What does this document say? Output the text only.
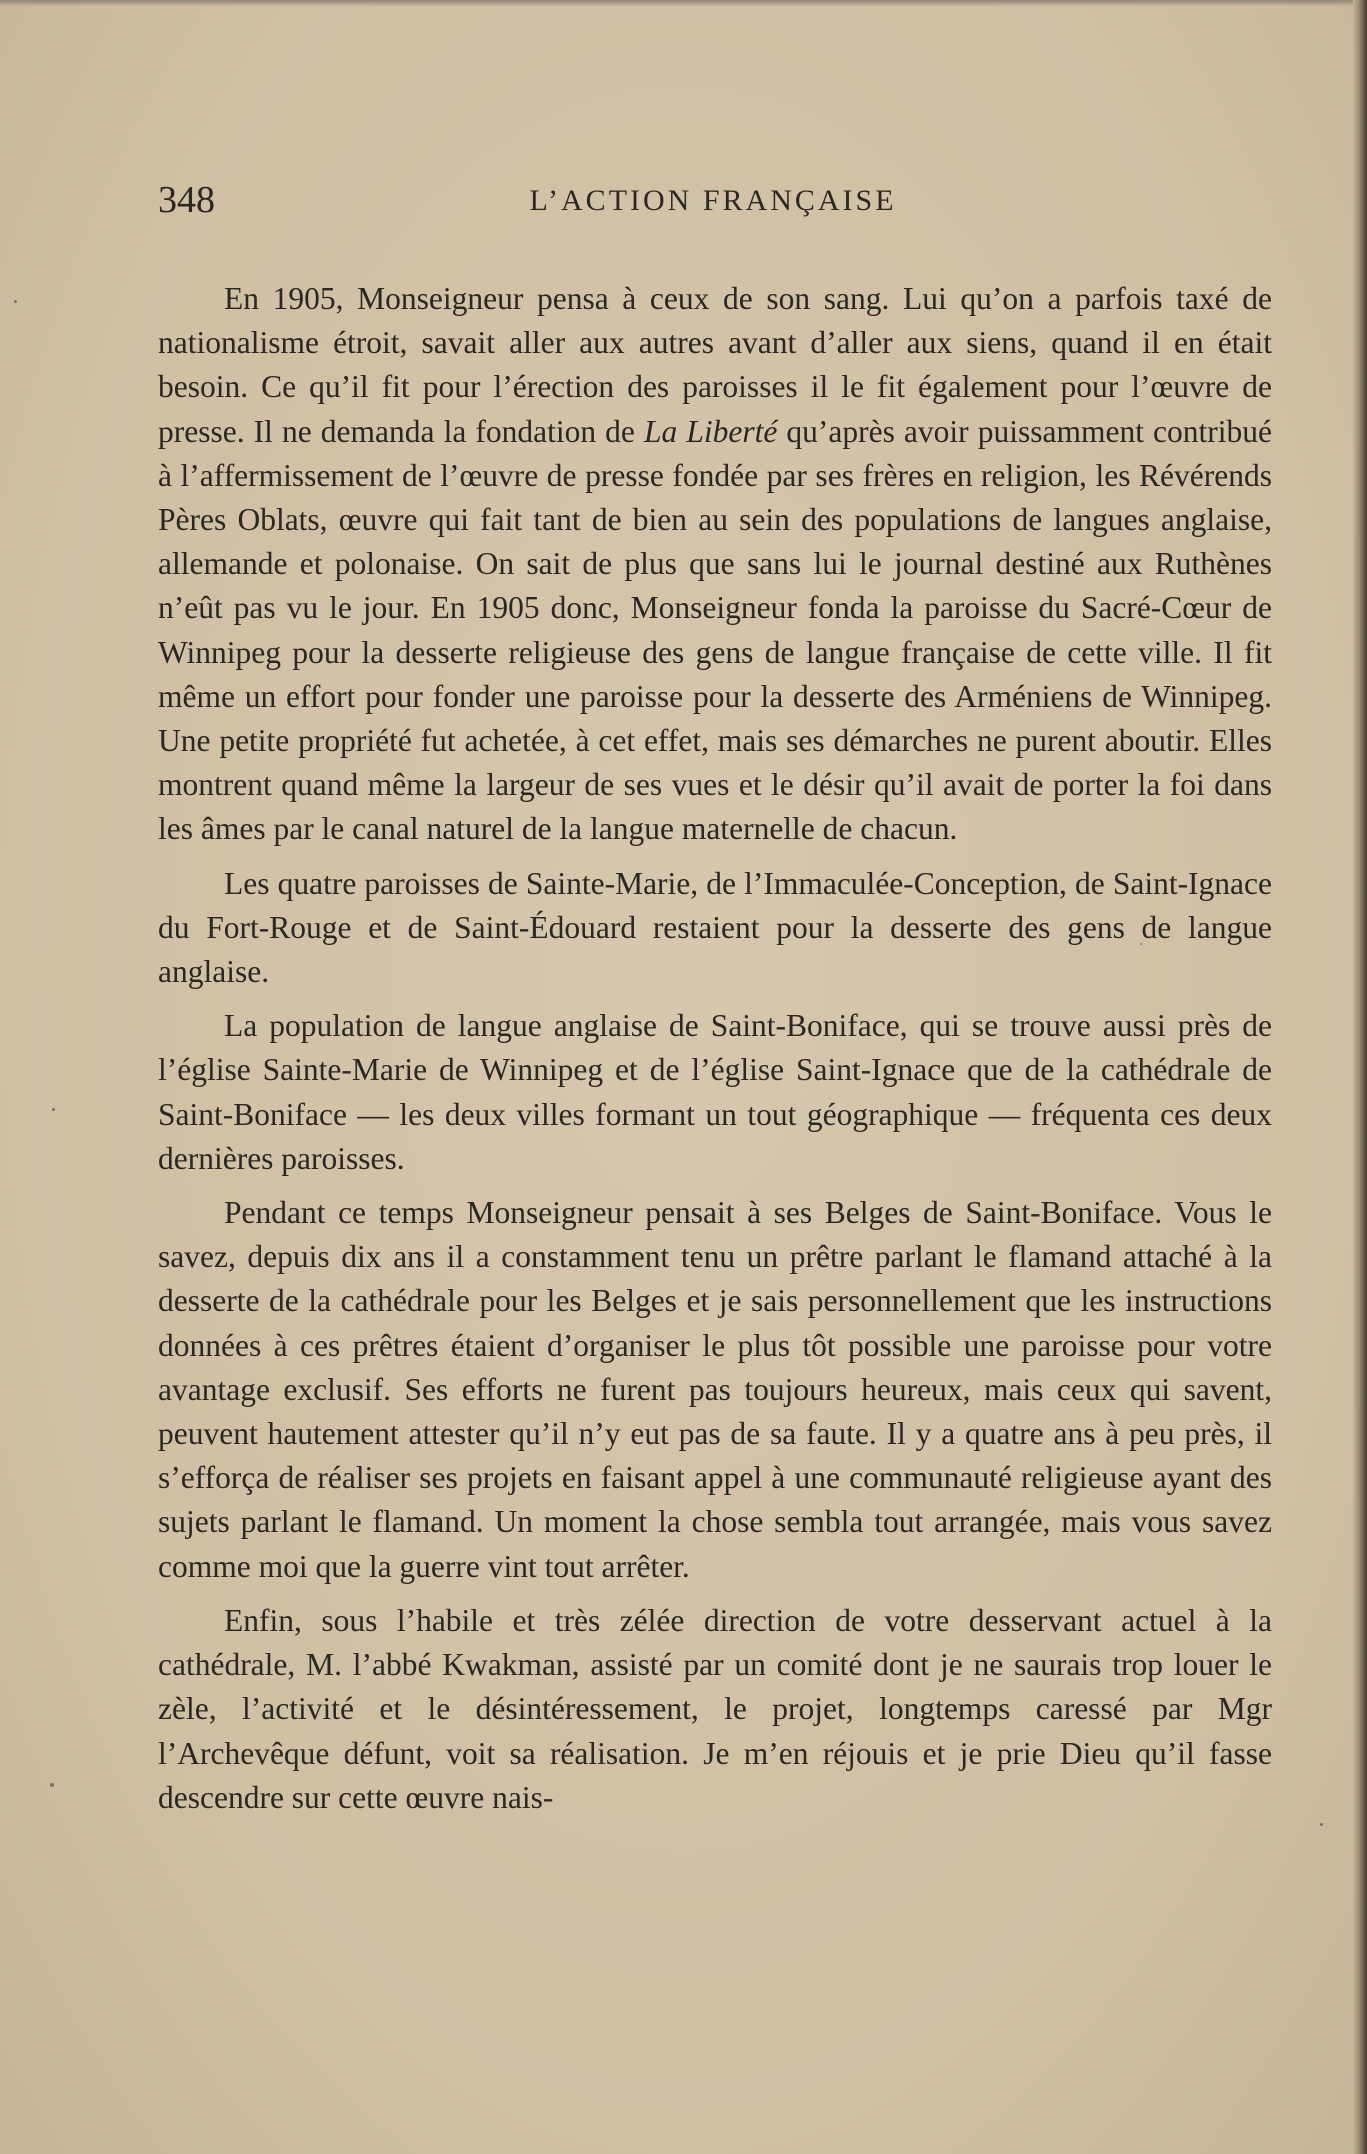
348	L’ACTION FRANÇAISE

En 1905, Monseigneur pensa à ceux de son sang. Lui qu’on a parfois taxé de nationalisme étroit, savait aller aux autres avant d’aller aux siens, quand il en était besoin. Ce qu’il fit pour l’érection des paroisses il le fit également pour l’œuvre de presse. Il ne demanda la fondation de La Liberté qu’après avoir puissamment contribué à l’affermissement de l’œuvre de presse fondée par ses frères en religion, les Révérends Pères Oblats, œuvre qui fait tant de bien au sein des populations de langues anglaise, allemande et polonaise. On sait de plus que sans lui le journal destiné aux Ruthènes n’eût pas vu le jour. En 1905 donc, Monseigneur fonda la paroisse du Sacré-Cœur de Winnipeg pour la desserte religieuse des gens de langue française de cette ville. Il fit même un effort pour fonder une paroisse pour la desserte des Arméniens de Winnipeg. Une petite propriété fut achetée, à cet effet, mais ses démarches ne purent aboutir. Elles montrent quand même la largeur de ses vues et le désir qu’il avait de porter la foi dans les âmes par le canal naturel de la langue maternelle de chacun.

Les quatre paroisses de Sainte-Marie, de l’Immaculée-Conception, de Saint-Ignace du Fort-Rouge et de Saint-Édouard restaient pour la desserte des gens de langue anglaise.

La population de langue anglaise de Saint-Boniface, qui se trouve aussi près de l’église Sainte-Marie de Winnipeg et de l’église Saint-Ignace que de la cathédrale de Saint-Boniface — les deux villes formant un tout géographique — fréquenta ces deux dernières paroisses.

Pendant ce temps Monseigneur pensait à ses Belges de Saint-Boniface. Vous le savez, depuis dix ans il a constamment tenu un prêtre parlant le flamand attaché à la desserte de la cathédrale pour les Belges et je sais personnellement que les instructions données à ces prêtres étaient d’organiser le plus tôt possible une paroisse pour votre avantage exclusif. Ses efforts ne furent pas toujours heureux, mais ceux qui savent, peuvent hautement attester qu’il n’y eut pas de sa faute. Il y a quatre ans à peu près, il s’efforça de réaliser ses projets en faisant appel à une communauté religieuse ayant des sujets parlant le flamand. Un moment la chose sembla tout arrangée, mais vous savez comme moi que la guerre vint tout arrêter.

Enfin, sous l’habile et très zélée direction de votre desservant actuel à la cathédrale, M. l’abbé Kwakman, assisté par un comité dont je ne saurais trop louer le zèle, l’activité et le désintéressement, le projet, longtemps caressé par Mgr l’Archevêque défunt, voit sa réalisation. Je m’en réjouis et je prie Dieu qu’il fasse descendre sur cette œuvre nais-
